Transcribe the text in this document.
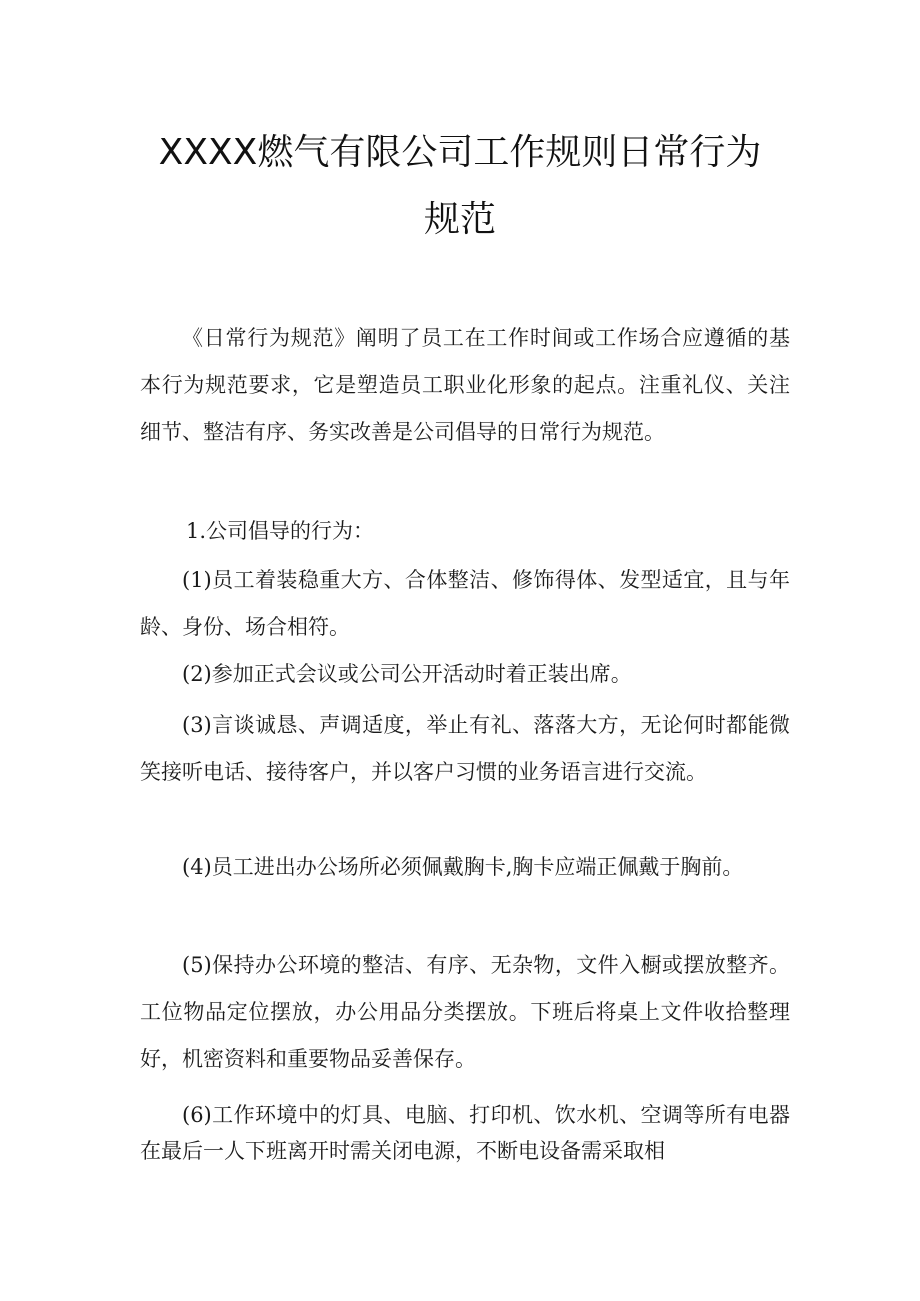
XXXX燃气有限公司工作规则日常行为
规范

《日常行为规范》阐明了员工在工作时间或工作场合应遵循的基本行为规范要求，它是塑造员工职业化形象的起点。注重礼仪、关注细节、整洁有序、务实改善是公司倡导的日常行为规范。

1.公司倡导的行为：

(1)员工着装稳重大方、合体整洁、修饰得体、发型适宜，且与年龄、身份、场合相符。

(2)参加正式会议或公司公开活动时着正装出席。

(3)言谈诚恳、声调适度，举止有礼、落落大方，无论何时都能微笑接听电话、接待客户，并以客户习惯的业务语言进行交流。

(4)员工进出办公场所必须佩戴胸卡,胸卡应端正佩戴于胸前。

(5)保持办公环境的整洁、有序、无杂物，文件入橱或摆放整齐。工位物品定位摆放，办公用品分类摆放。下班后将桌上文件收拾整理好，机密资料和重要物品妥善保存。

(6)工作环境中的灯具、电脑、打印机、饮水机、空调等所有电器在最后一人下班离开时需关闭电源，不断电设备需采取相
